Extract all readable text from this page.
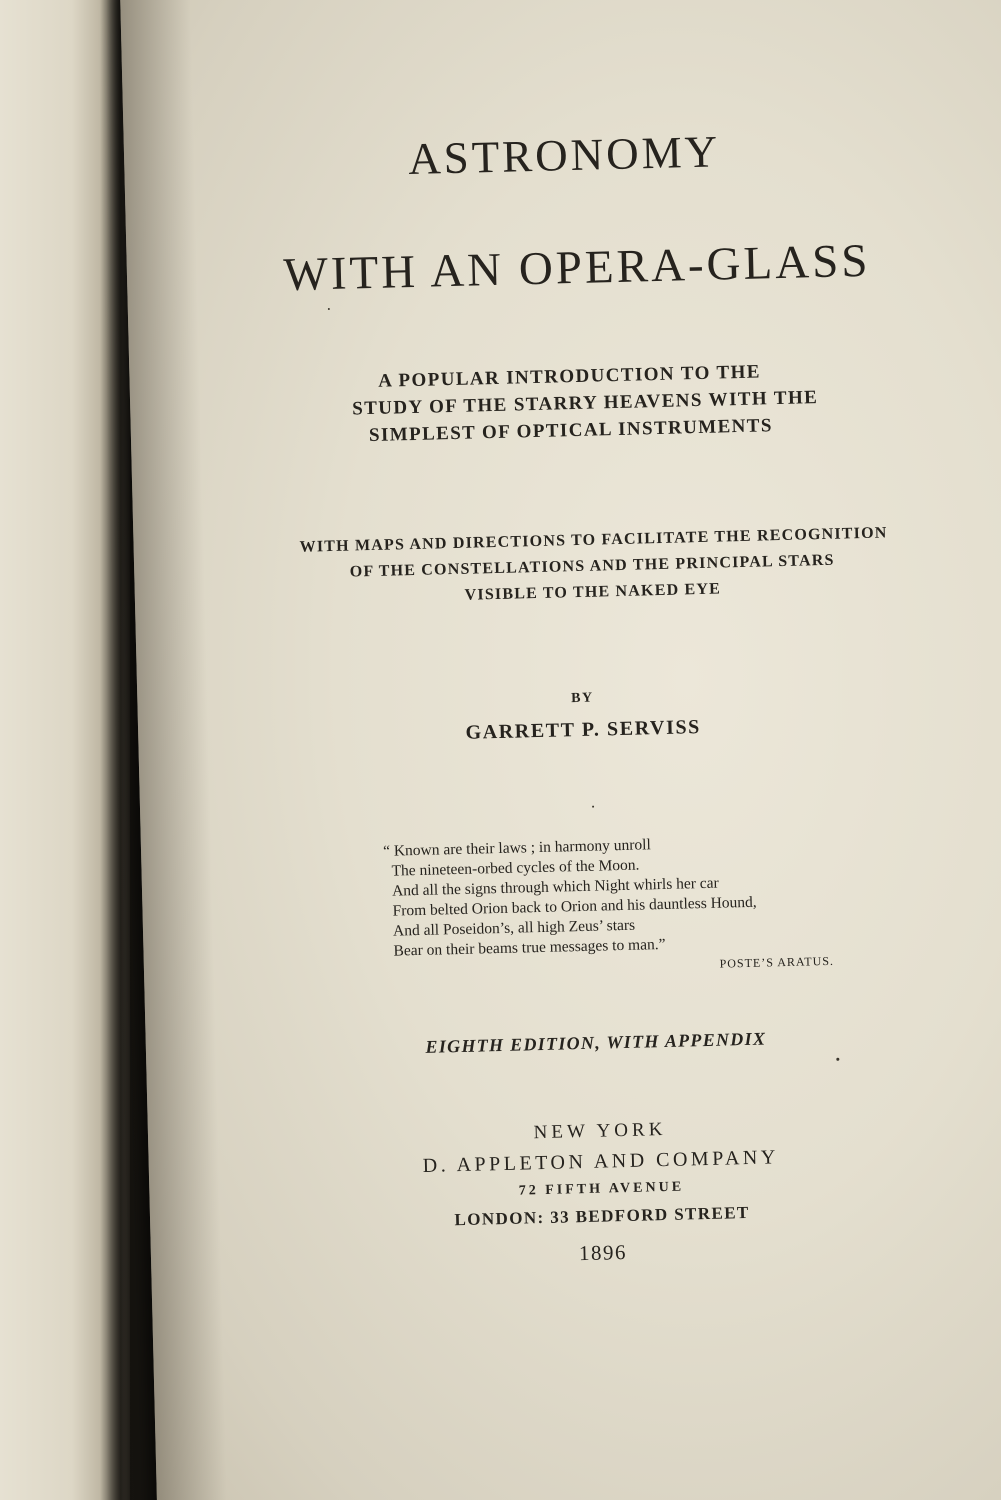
ASTRONOMY
WITH AN OPERA-GLASS
A POPULAR INTRODUCTION TO THE
STUDY OF THE STARRY HEAVENS WITH THE
SIMPLEST OF OPTICAL INSTRUMENTS
WITH MAPS AND DIRECTIONS TO FACILITATE THE RECOGNITION
OF THE CONSTELLATIONS AND THE PRINCIPAL STARS
VISIBLE TO THE NAKED EYE
BY
GARRETT P. SERVISS
“ Known are their laws ; in harmony unroll
The nineteen-orbed cycles of the Moon.
And all the signs through which Night whirls her car
From belted Orion back to Orion and his dauntless Hound,
And all Poseidon’s, all high Zeus’ stars
Bear on their beams true messages to man.”
POSTE’S ARATUS.
EIGHTH EDITION, WITH APPENDIX
NEW YORK
D. APPLETON AND COMPANY
72 FIFTH AVENUE
LONDON: 33 BEDFORD STREET
1896
